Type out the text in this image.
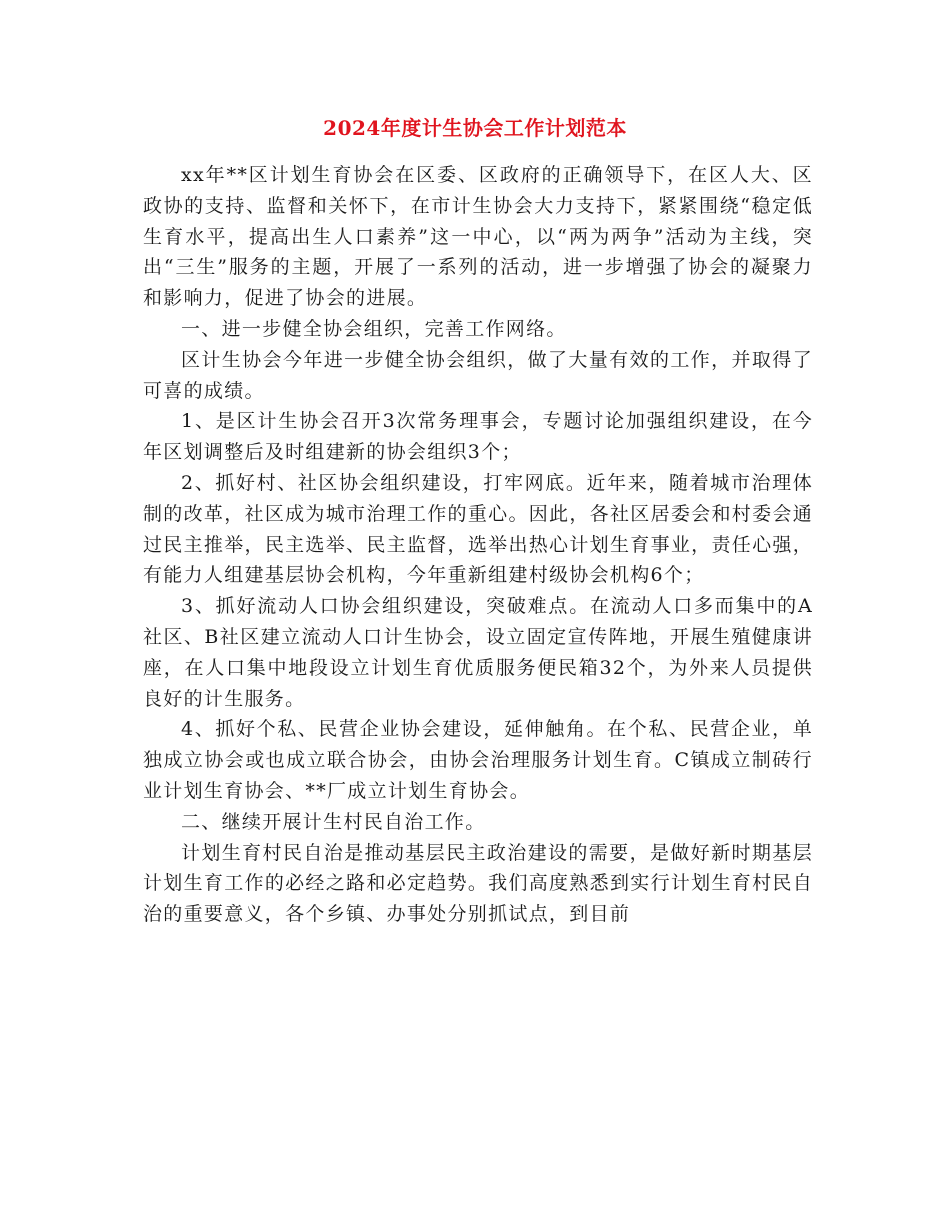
2024年度计生协会工作计划范本

xx年**区计划生育协会在区委、区政府的正确领导下，在区人大、区政协的支持、监督和关怀下，在市计生协会大力支持下，紧紧围绕“稳定低生育水平，提高出生人口素养”这一中心，以“两为两争”活动为主线，突出“三生”服务的主题，开展了一系列的活动，进一步增强了协会的凝聚力和影响力，促进了协会的进展。

一、进一步健全协会组织，完善工作网络。

区计生协会今年进一步健全协会组织，做了大量有效的工作，并取得了可喜的成绩。

1、是区计生协会召开3次常务理事会，专题讨论加强组织建设，在今年区划调整后及时组建新的协会组织3个；

2、抓好村、社区协会组织建设，打牢网底。近年来，随着城市治理体制的改革，社区成为城市治理工作的重心。因此，各社区居委会和村委会通过民主推举，民主选举、民主监督，选举出热心计划生育事业，责任心强，有能力人组建基层协会机构，今年重新组建村级协会机构6个；

3、抓好流动人口协会组织建设，突破难点。在流动人口多而集中的A社区、B社区建立流动人口计生协会，设立固定宣传阵地，开展生殖健康讲座，在人口集中地段设立计划生育优质服务便民箱32个，为外来人员提供良好的计生服务。

4、抓好个私、民营企业协会建设，延伸触角。在个私、民营企业，单独成立协会或也成立联合协会，由协会治理服务计划生育。C镇成立制砖行业计划生育协会、**厂成立计划生育协会。

二、继续开展计生村民自治工作。

计划生育村民自治是推动基层民主政治建设的需要，是做好新时期基层计划生育工作的必经之路和必定趋势。我们高度熟悉到实行计划生育村民自治的重要意义，各个乡镇、办事处分别抓试点，到目前
